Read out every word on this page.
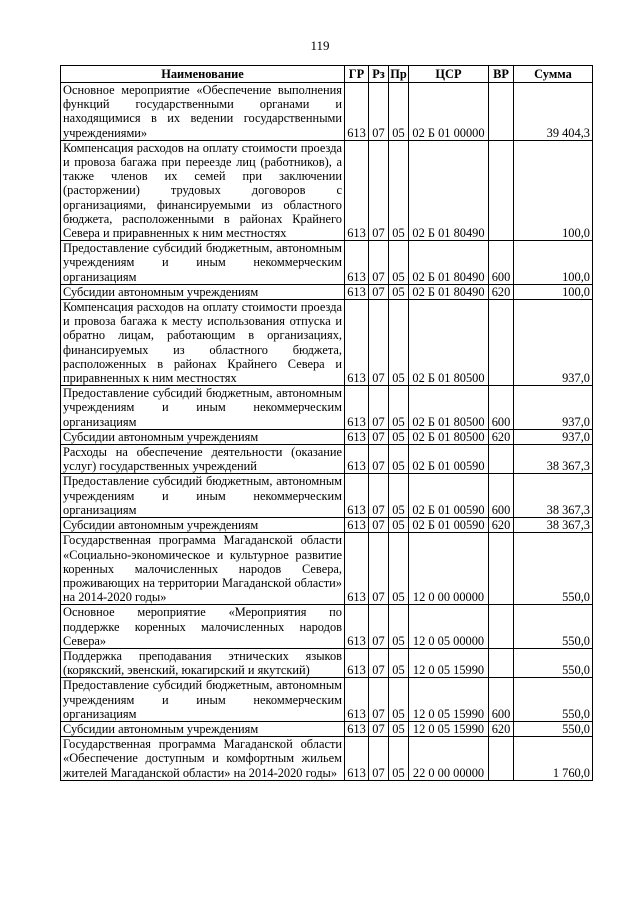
119
Наименование	ГР	Рз	Пр	ЦСР	ВР	Сумма
Основное мероприятие «Обеспечение выполнения функций государственными органами и находящимися в их ведении государственными учреждениями»	613	07	05	02 Б 01 00000		39 404,3
Компенсация расходов на оплату стоимости проезда и провоза багажа при переезде лиц (работников), а также членов их семей при заключении (расторжении) трудовых договоров с организациями, финансируемыми из областного бюджета, расположенными в районах Крайнего Севера и приравненных к ним местностях	613	07	05	02 Б 01 80490		100,0
Предоставление субсидий бюджетным, автономным учреждениям и иным некоммерческим организациям	613	07	05	02 Б 01 80490	600	100,0
Субсидии автономным учреждениям	613	07	05	02 Б 01 80490	620	100,0
Компенсация расходов на оплату стоимости проезда и провоза багажа к месту использования отпуска и обратно лицам, работающим в организациях, финансируемых из областного бюджета, расположенных в районах Крайнего Севера и приравненных к ним местностях	613	07	05	02 Б 01 80500		937,0
Предоставление субсидий бюджетным, автономным учреждениям и иным некоммерческим организациям	613	07	05	02 Б 01 80500	600	937,0
Субсидии автономным учреждениям	613	07	05	02 Б 01 80500	620	937,0
Расходы на обеспечение деятельности (оказание услуг) государственных учреждений	613	07	05	02 Б 01 00590		38 367,3
Предоставление субсидий бюджетным, автономным учреждениям и иным некоммерческим организациям	613	07	05	02 Б 01 00590	600	38 367,3
Субсидии автономным учреждениям	613	07	05	02 Б 01 00590	620	38 367,3
Государственная программа Магаданской области «Социально-экономическое и культурное развитие коренных малочисленных народов Севера, проживающих на территории Магаданской области» на 2014-2020 годы»	613	07	05	12 0 00 00000		550,0
Основное мероприятие «Мероприятия по поддержке коренных малочисленных народов Севера»	613	07	05	12 0 05 00000		550,0
Поддержка преподавания этнических языков (корякский, эвенский, юкагирский и якутский)	613	07	05	12 0 05 15990		550,0
Предоставление субсидий бюджетным, автономным учреждениям и иным некоммерческим организациям	613	07	05	12 0 05 15990	600	550,0
Субсидии автономным учреждениям	613	07	05	12 0 05 15990	620	550,0
Государственная программа Магаданской области «Обеспечение доступным и комфортным жильем жителей Магаданской области» на 2014-2020 годы»	613	07	05	22 0 00 00000		1 760,0
